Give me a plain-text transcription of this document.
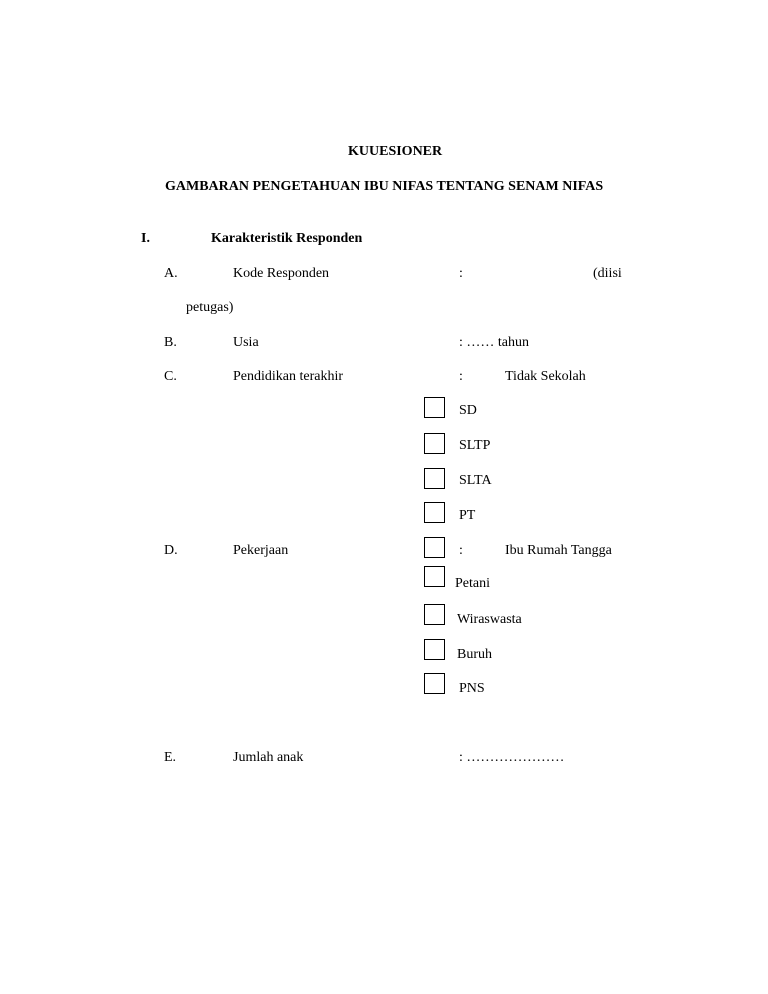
KUUESIONER
GAMBARAN PENGETAHUAN IBU NIFAS TENTANG SENAM NIFAS
I.	Karakteristik Responden
A.	Kode Responden	:	(diisi
petugas)
B.	Usia	: …… tahun
C.	Pendidikan terakhir	:	Tidak Sekolah
SD
SLTP
SLTA
PT
D.	Pekerjaan	:	Ibu Rumah Tangga
Petani
Wiraswasta
Buruh
PNS
E.	Jumlah anak	: …………………
